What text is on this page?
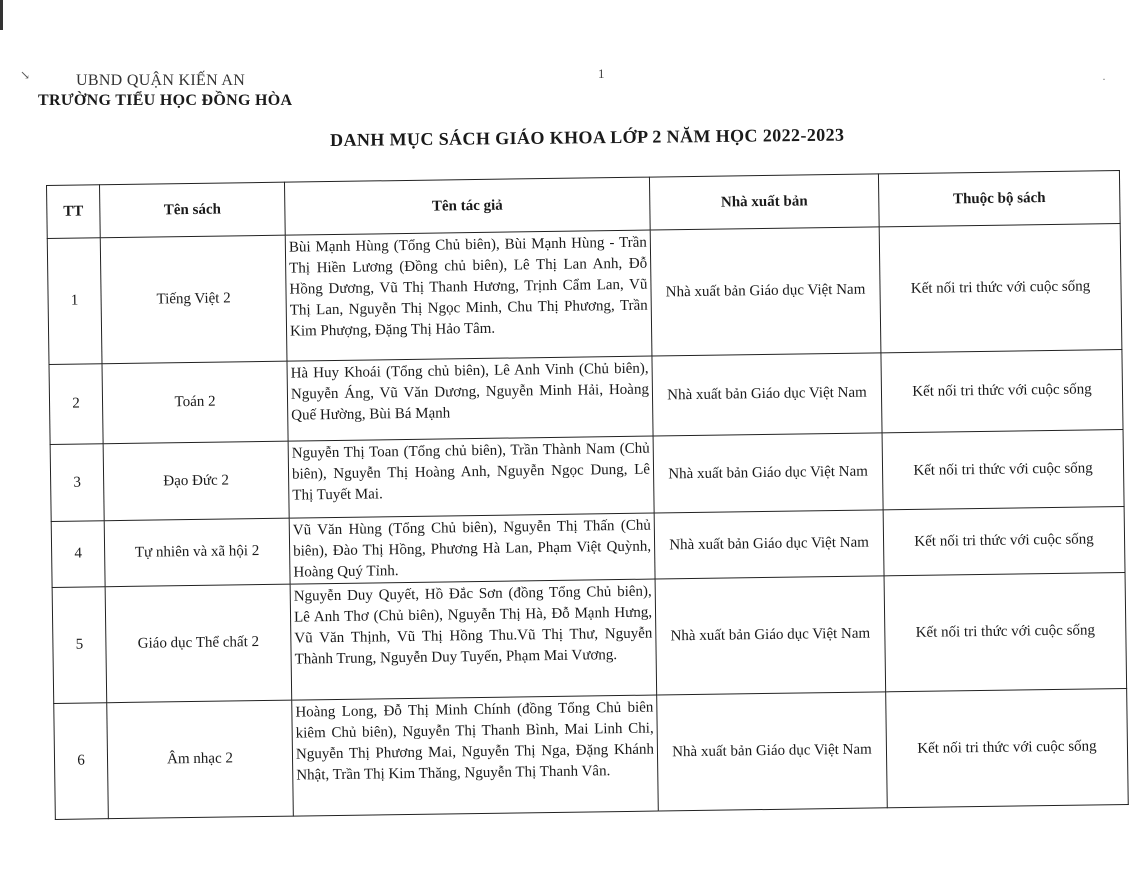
↘	·
UBND QUẬN KIẾN AN
TRƯỜNG TIỂU HỌC ĐỒNG HÒA
1
DANH MỤC SÁCH GIÁO KHOA LỚP 2 NĂM HỌC 2022-2023
TT	Tên sách	Tên tác giả	Nhà xuất bản	Thuộc bộ sách
1	Tiếng Việt 2	Bùi Mạnh Hùng (Tổng Chủ biên), Bùi Mạnh Hùng - Trần Thị Hiền Lương (Đồng chủ biên), Lê Thị Lan Anh, Đỗ Hồng Dương, Vũ Thị Thanh Hương, Trịnh Cẩm Lan, Vũ Thị Lan, Nguyễn Thị Ngọc Minh, Chu Thị Phương, Trần Kim Phượng, Đặng Thị Hảo Tâm.	Nhà xuất bản Giáo dục Việt Nam	Kết nối tri thức với cuộc sống
2	Toán 2	Hà Huy Khoái (Tổng chủ biên), Lê Anh Vinh (Chủ biên), Nguyễn Áng, Vũ Văn Dương, Nguyễn Minh Hải, Hoàng Quế Hường, Bùi Bá Mạnh	Nhà xuất bản Giáo dục Việt Nam	Kết nối tri thức với cuộc sống
3	Đạo Đức 2	Nguyễn Thị Toan (Tổng chủ biên), Trần Thành Nam (Chủ biên), Nguyễn Thị Hoàng Anh, Nguyễn Ngọc Dung, Lê Thị Tuyết Mai.	Nhà xuất bản Giáo dục Việt Nam	Kết nối tri thức với cuộc sống
4	Tự nhiên và xã hội 2	Vũ Văn Hùng (Tổng Chủ biên), Nguyễn Thị Thấn (Chủ biên), Đào Thị Hồng, Phương Hà Lan, Phạm Việt Quỳnh, Hoàng Quý Tỉnh.	Nhà xuất bản Giáo dục Việt Nam	Kết nối tri thức với cuộc sống
5	Giáo dục Thể chất 2	Nguyễn Duy Quyết, Hồ Đắc Sơn (đồng Tổng Chủ biên), Lê Anh Thơ (Chủ biên), Nguyễn Thị Hà, Đỗ Mạnh Hưng, Vũ Văn Thịnh, Vũ Thị Hồng Thu.Vũ Thị Thư, Nguyễn Thành Trung, Nguyễn Duy Tuyến, Phạm Mai Vương.	Nhà xuất bản Giáo dục Việt Nam	Kết nối tri thức với cuộc sống
6	Âm nhạc 2	Hoàng Long, Đỗ Thị Minh Chính (đồng Tổng Chủ biên kiêm Chủ biên), Nguyễn Thị Thanh Bình, Mai Linh Chi, Nguyễn Thị Phương Mai, Nguyễn Thị Nga, Đặng Khánh Nhật, Trần Thị Kim Thăng, Nguyễn Thị Thanh Vân.	Nhà xuất bản Giáo dục Việt Nam	Kết nối tri thức với cuộc sống
